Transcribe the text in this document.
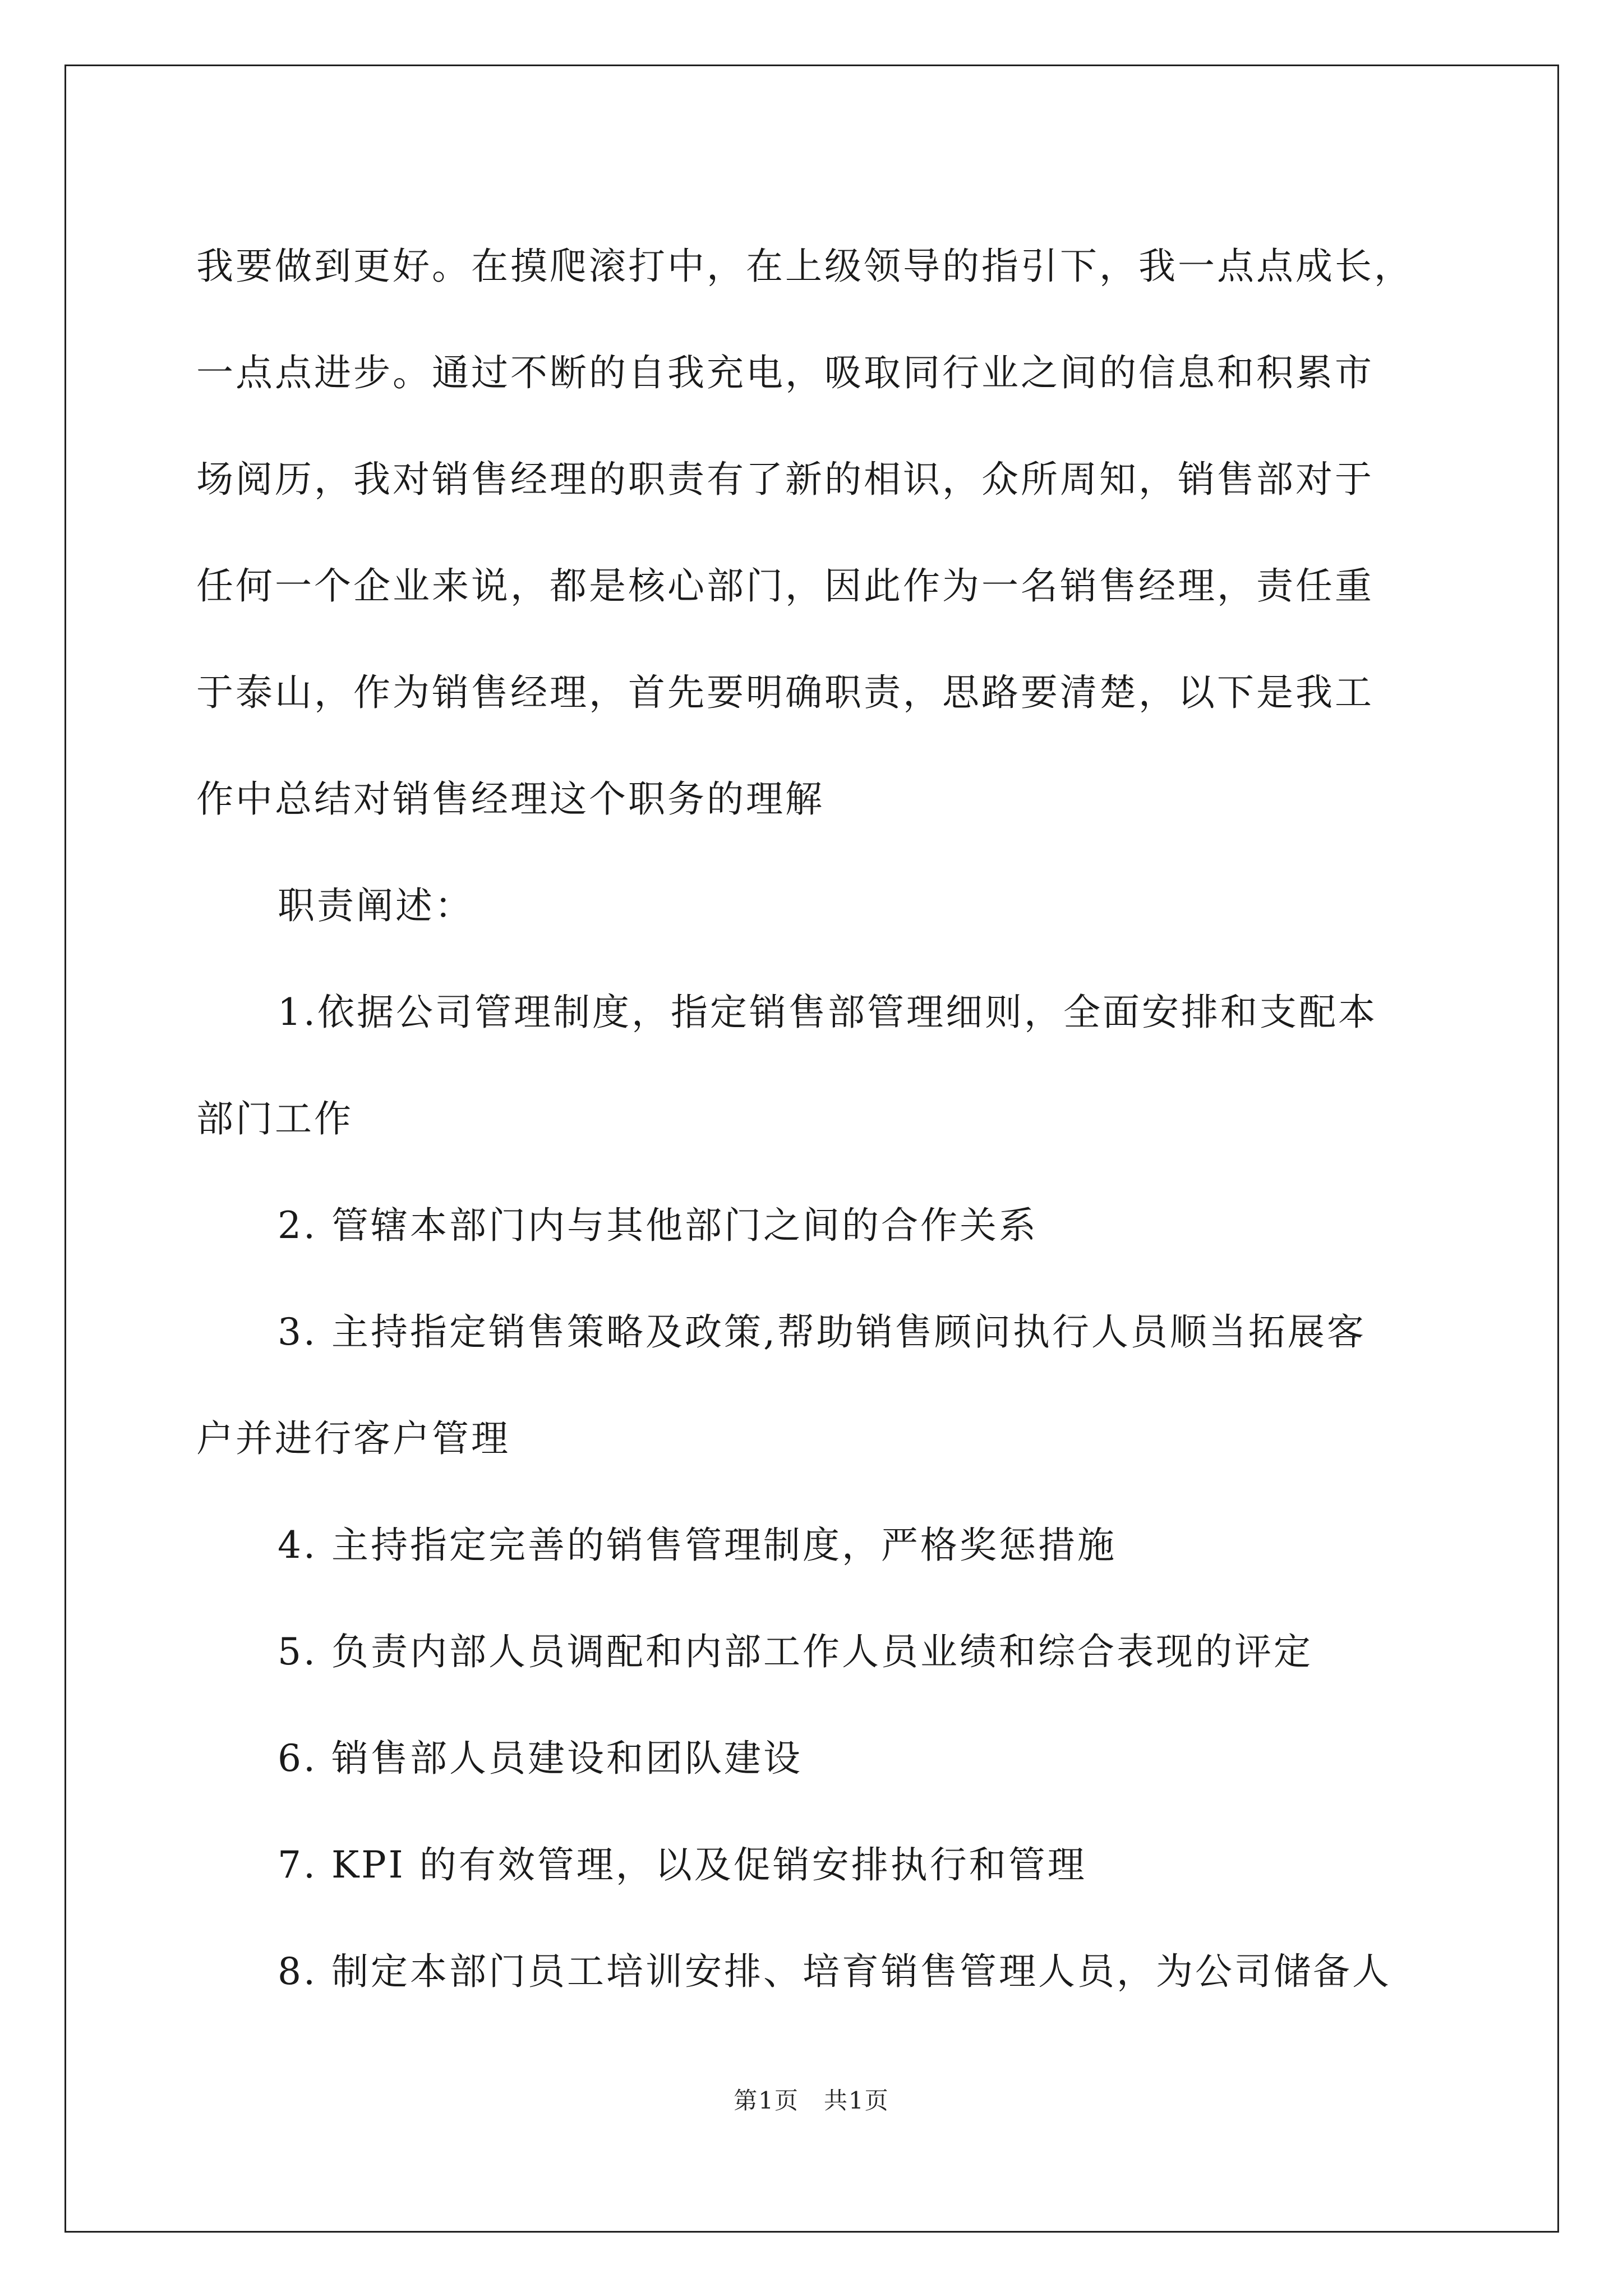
我要做到更好。在摸爬滚打中，在上级领导的指引下，我一点点成长，
一点点进步。通过不断的自我充电，吸取同行业之间的信息和积累市
场阅历，我对销售经理的职责有了新的相识，众所周知，销售部对于
任何一个企业来说，都是核心部门，因此作为一名销售经理，责任重
于泰山，作为销售经理，首先要明确职责，思路要清楚，以下是我工
作中总结对销售经理这个职务的理解
职责阐述：
1.依据公司管理制度，指定销售部管理细则，全面安排和支配本
部门工作
2. 管辖本部门内与其他部门之间的合作关系
3. 主持指定销售策略及政策,帮助销售顾问执行人员顺当拓展客
户并进行客户管理
4. 主持指定完善的销售管理制度，严格奖惩措施
5. 负责内部人员调配和内部工作人员业绩和综合表现的评定
6. 销售部人员建设和团队建设
7. KPI 的有效管理，以及促销安排执行和管理
8. 制定本部门员工培训安排、培育销售管理人员，为公司储备人
第1页　共1页
